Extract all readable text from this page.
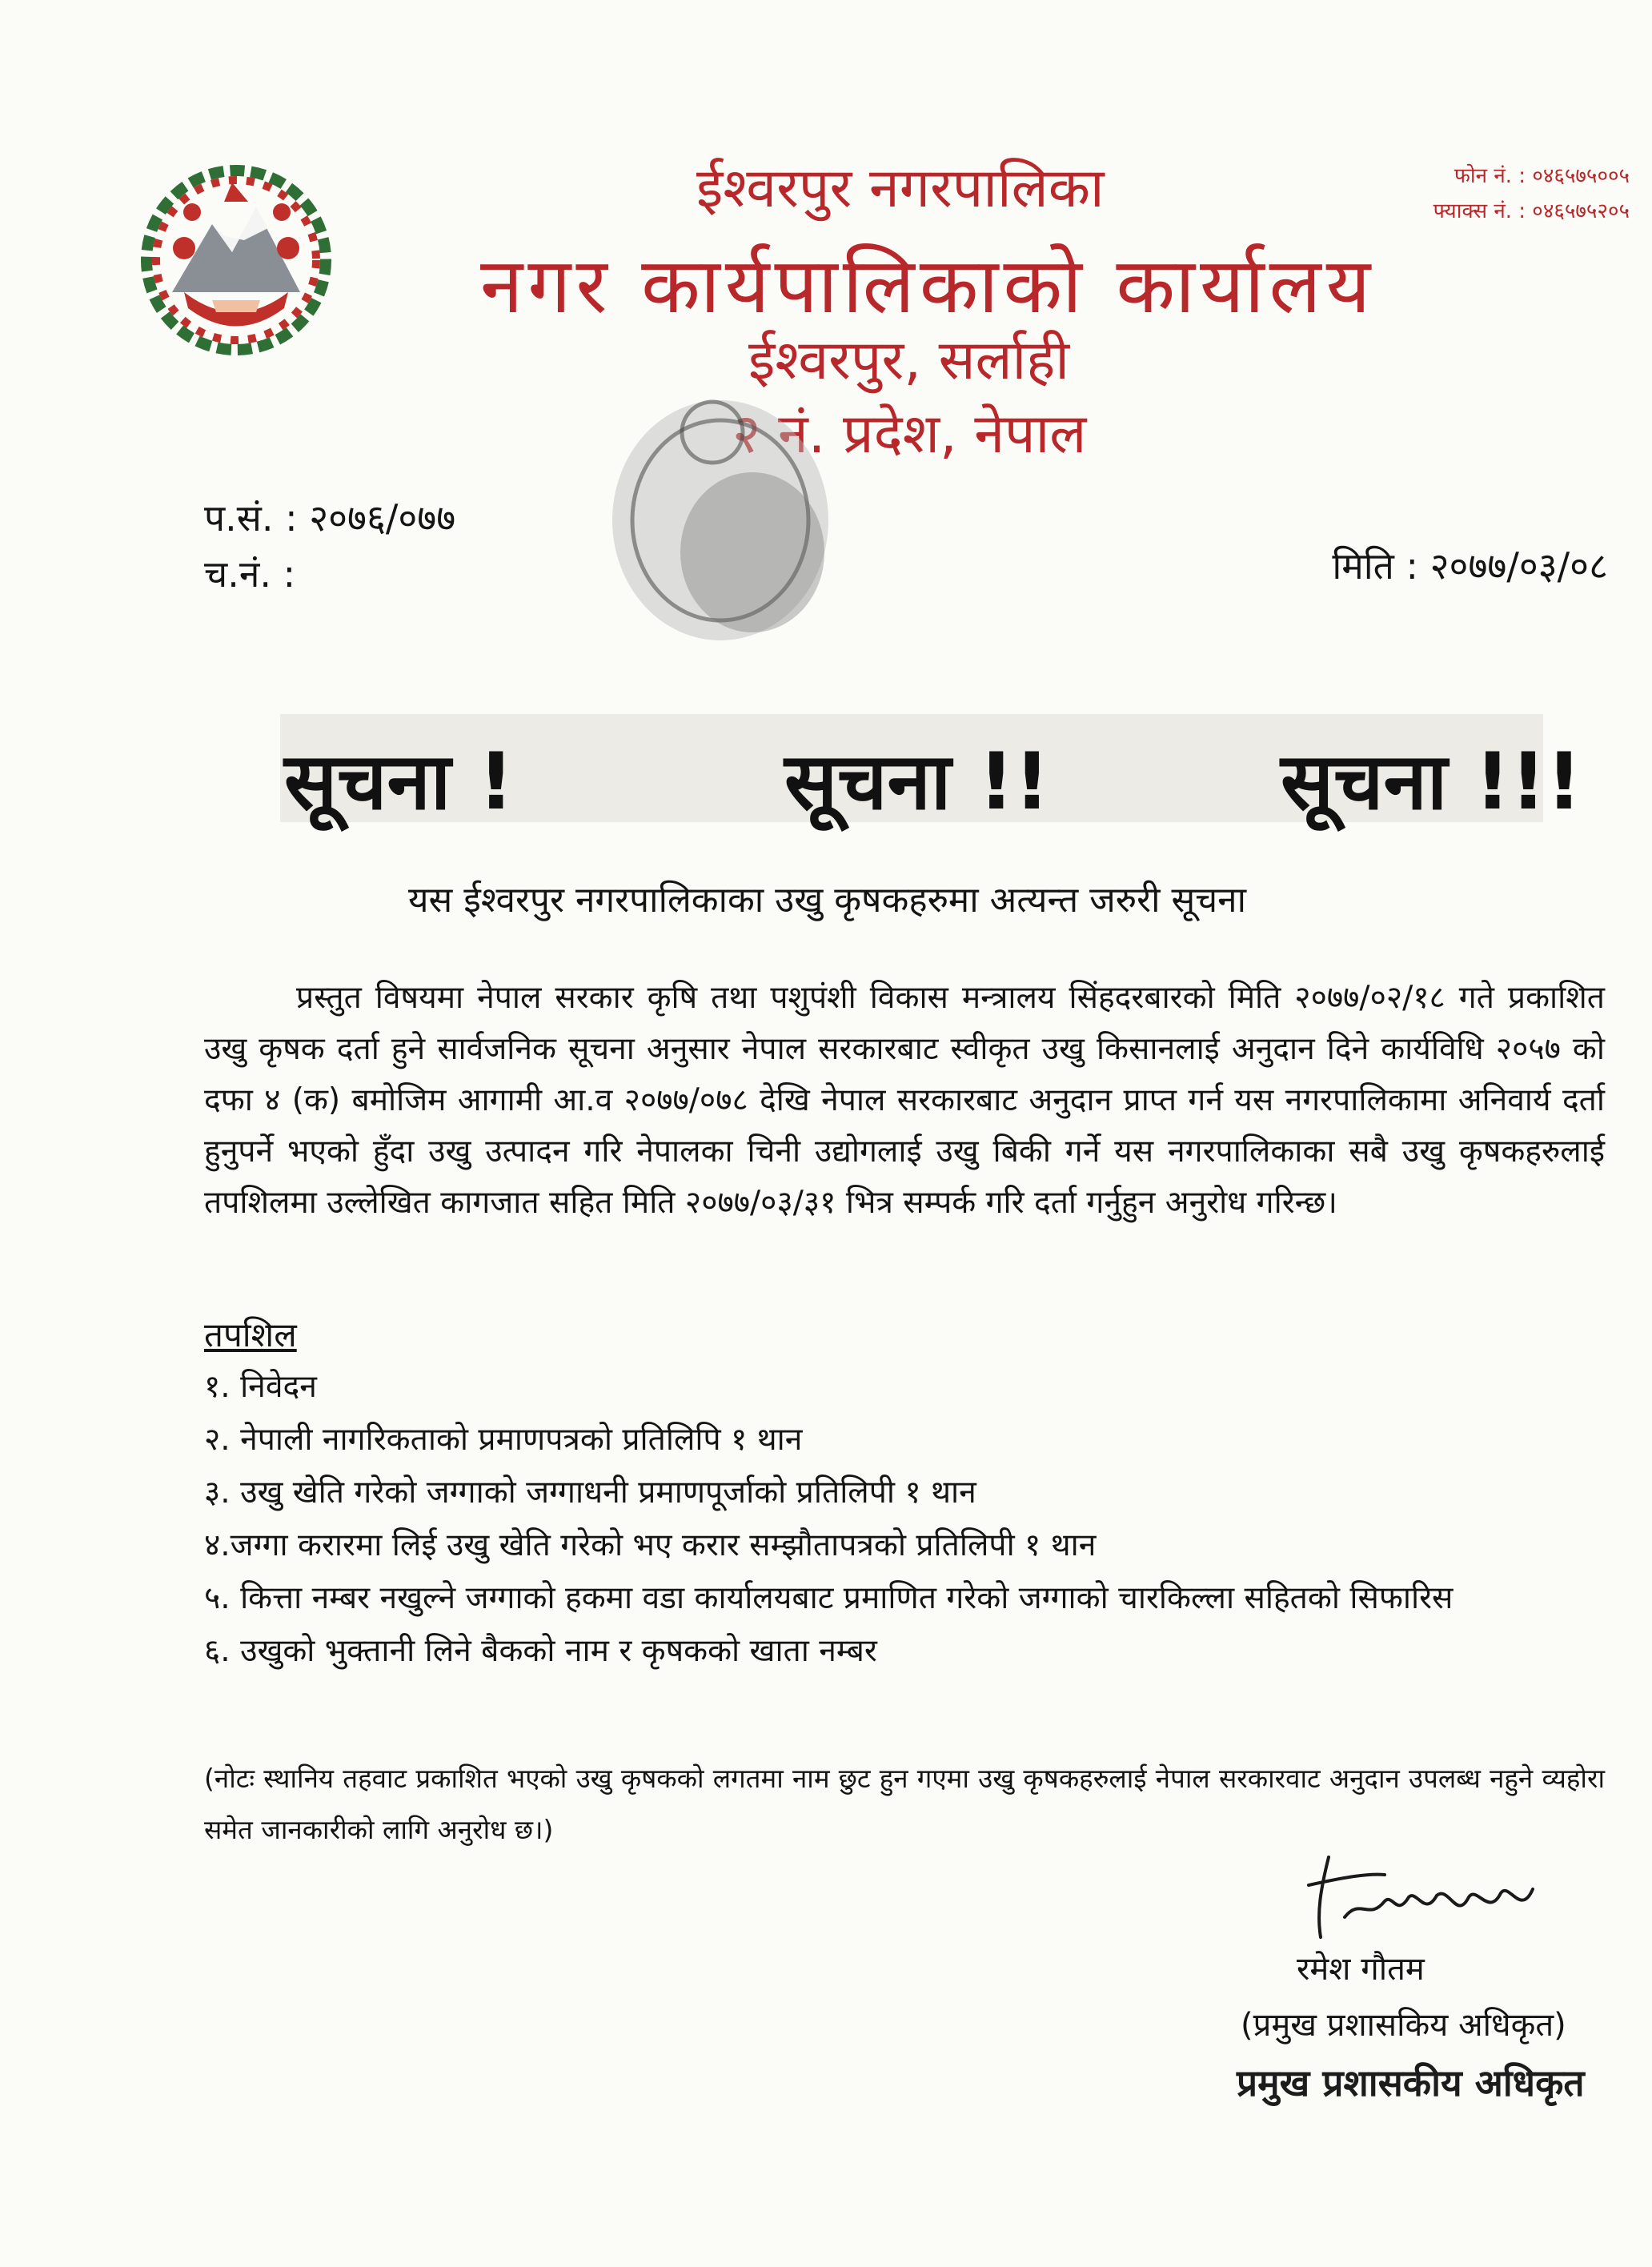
ईश्वरपुर नगरपालिका
नगर कार्यपालिकाको कार्यालय
ईश्वरपुर, सर्लाही
२ नं. प्रदेश, नेपाल
फोन नं. : ०४६५७५००५
फ्याक्स नं. : ०४६५७५२०५
प.सं. : २०७६/०७७
च.नं. :	मिति : २०७७/०३/०८
सूचना !	सूचना !!	सूचना !!!
यस ईश्वरपुर नगरपालिकाका उखु कृषकहरुमा अत्यन्त जरुरी सूचना
प्रस्तुत विषयमा नेपाल सरकार कृषि तथा पशुपंशी विकास मन्त्रालय सिंहदरबारको मिति २०७७/०२/१८ गते प्रकाशित उखु कृषक दर्ता हुने सार्वजनिक सूचना अनुसार नेपाल सरकारबाट स्वीकृत उखु किसानलाई अनुदान दिने कार्यविधि २०५७ को दफा ४ (क) बमोजिम आगामी आ.व २०७७/०७८ देखि नेपाल सरकारबाट अनुदान प्राप्त गर्न यस नगरपालिकामा अनिवार्य दर्ता हुनुपर्ने भएको हुँदा उखु उत्पादन गरि नेपालका चिनी उद्योगलाई उखु बिकी गर्ने यस नगरपालिकाका सबै उखु कृषकहरुलाई तपशिलमा उल्लेखित कागजात सहित मिति २०७७/०३/३१ भित्र सम्पर्क गरि दर्ता गर्नुहुन अनुरोध गरिन्छ।
तपशिल
१. निवेदन
२. नेपाली नागरिकताको प्रमाणपत्रको प्रतिलिपि १ थान
३. उखु खेति गरेको जग्गाको जग्गाधनी प्रमाणपूर्जाको प्रतिलिपी १ थान
४.जग्गा करारमा लिई उखु खेति गरेको भए करार सम्झौतापत्रको प्रतिलिपी १ थान
५. कित्ता नम्बर नखुल्ने जग्गाको हकमा वडा कार्यालयबाट प्रमाणित गरेको जग्गाको चारकिल्ला सहितको सिफारिस
६. उखुको भुक्तानी लिने बैकको नाम र कृषकको खाता नम्बर
(नोटः स्थानिय तहवाट प्रकाशित भएको उखु कृषकको लगतमा नाम छुट हुन गएमा उखु कृषकहरुलाई नेपाल सरकारवाट अनुदान उपलब्ध नहुने व्यहोरा समेत जानकारीको लागि अनुरोध छ।)
रमेश गौतम
(प्रमुख प्रशासकिय अधिकृत)
प्रमुख प्रशासकीय अधिकृत
